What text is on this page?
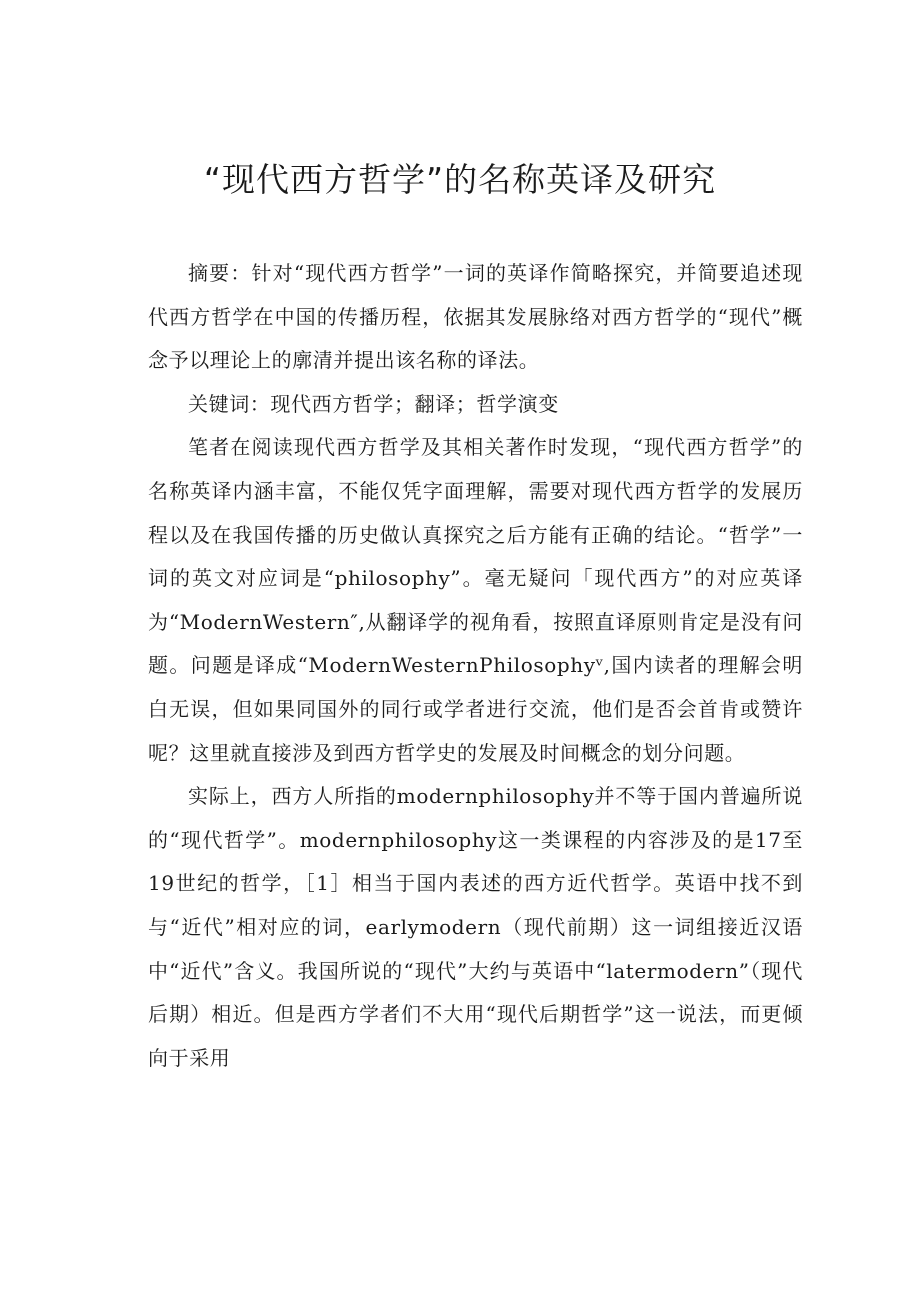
“现代西方哲学”的名称英译及研究

摘要：针对“现代西方哲学”一词的英译作简略探究，并简要追述现代西方哲学在中国的传播历程，依据其发展脉络对西方哲学的“现代”概念予以理论上的廓清并提出该名称的译法。

关键词：现代西方哲学；翻译；哲学演变

笔者在阅读现代西方哲学及其相关著作时发现，“现代西方哲学”的名称英译内涵丰富，不能仅凭字面理解，需要对现代西方哲学的发展历程以及在我国传播的历史做认真探究之后方能有正确的结论。“哲学”一词的英文对应词是“philosophy”。毫无疑问「现代西方”的对应英译为“ModernWestern″,从翻译学的视角看，按照直译原则肯定是没有问题。问题是译成“ModernWesternPhilosophyᵛ,国内读者的理解会明白无误，但如果同国外的同行或学者进行交流，他们是否会首肯或赞许呢？这里就直接涉及到西方哲学史的发展及时间概念的划分问题。

实际上，西方人所指的modernphilosophy并不等于国内普遍所说的“现代哲学”。modernphilosophy这一类课程的内容涉及的是17至19世纪的哲学，［1］相当于国内表述的西方近代哲学。英语中找不到与“近代”相对应的词，earlymodern（现代前期）这一词组接近汉语中“近代”含义。我国所说的“现代”大约与英语中“latermodern”（现代后期）相近。但是西方学者们不大用“现代后期哲学”这一说法，而更倾向于采用
